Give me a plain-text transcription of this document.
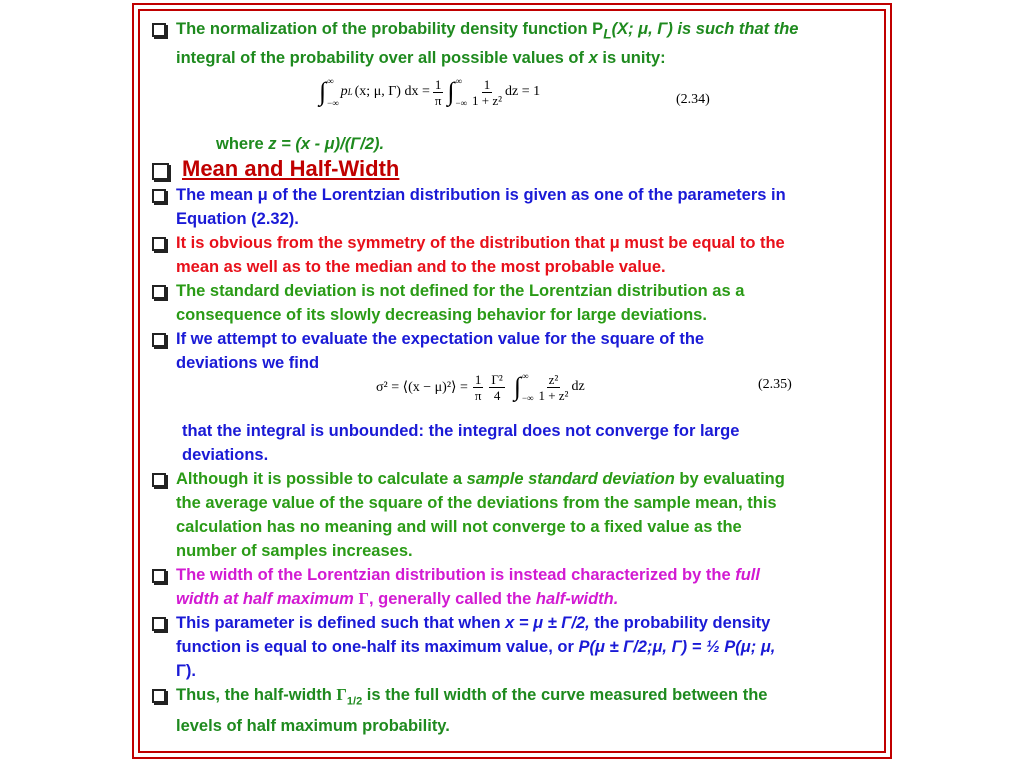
The normalization of the probability density function $P_L(X$; μ, Γ) is such that the
integral of the probability over all possible values of x is unity:
∫ ∞
−∞
p L (x; μ, Γ) dx = $\frac{1}{\pi}$ ∫ ∞
−∞ $\frac{1}{\text{1 + z²}}$ dz = 1
(2.34)
where z = (x - μ)/(Γ/2).
Mean and Half-Width
The mean μ of the Lorentzian distribution is given as one of the parameters in
Equation (2.32).
It is obvious from the symmetry of the distribution that μ must be equal to the
mean as well as to the median and to the most probable value.
The standard deviation is not defined for the Lorentzian distribution as a
consequence of its slowly decreasing behavior for large deviations.
If we attempt to evaluate the expectation value for the square of the
deviations we find
σ² = ⟨(x − μ)²⟩ = $\frac{1}{\pi} \frac{\text{Γ²}}{4}$ ∫ ∞
−∞ $\frac{\text{z²}}{\text{1 + z²}}$ dz	(2.35)
that the integral is unbounded: the integral does not converge for large
deviations.
Although it is possible to calculate a sample standard deviation by evaluating
the average value of the square of the deviations from the sample mean, this
calculation has no meaning and will not converge to a fixed value as the
number of samples increases.
The width of the Lorentzian distribution is instead characterized by the full
width at half maximum Γ, generally called the half-width.
This parameter is defined such that when x = μ ± Γ/2, the probability density
function is equal to one-half its maximum value, or P(μ ± Γ/2;μ, Γ) = ½ P(μ; μ,
Γ).
Thus, the half-width $\Gamma_{1/2}$ is the full width of the curve measured between the
levels of half maximum probability.
